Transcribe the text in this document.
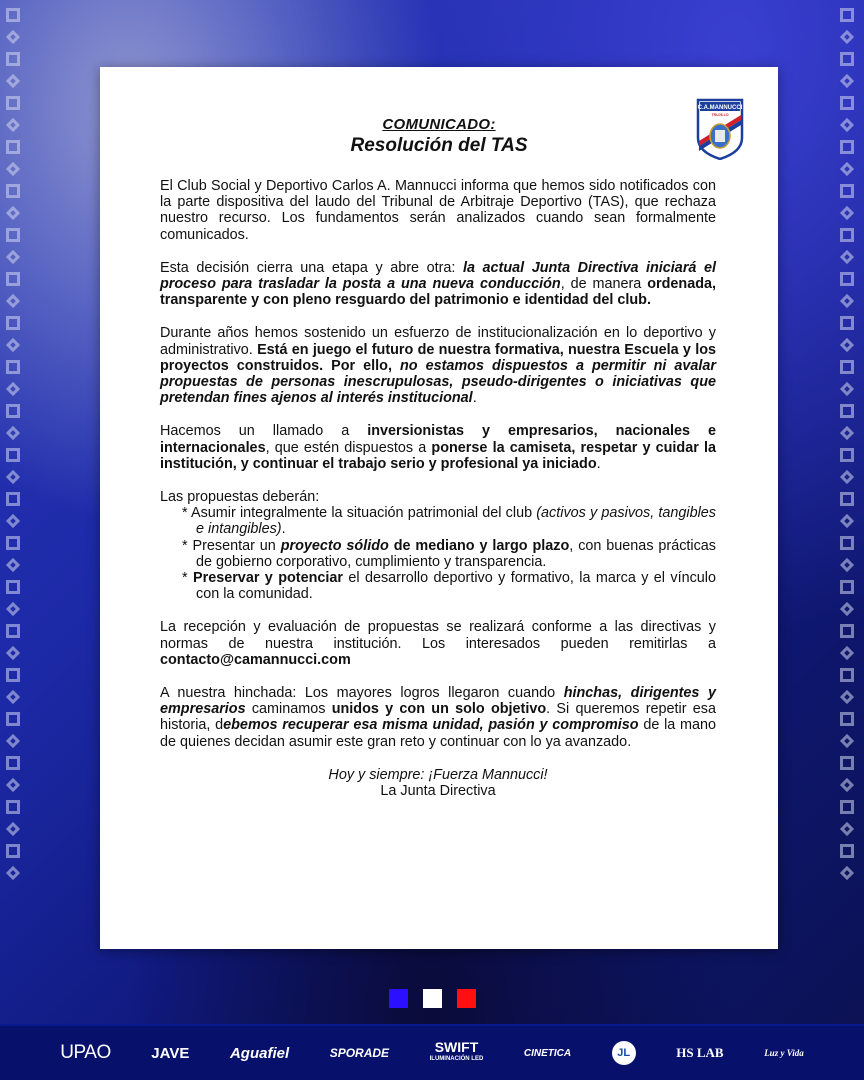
C.A.MANNUCCI
TRUJILLO
COMUNICADO:
Resolución del TAS

El Club Social y Deportivo Carlos A. Mannucci informa que hemos sido notificados con la parte dispositiva del laudo del Tribunal de Arbitraje Deportivo (TAS), que rechaza nuestro recurso. Los fundamentos serán analizados cuando sean formalmente comunicados.

Esta decisión cierra una etapa y abre otra: la actual Junta Directiva iniciará el proceso para trasladar la posta a una nueva conducción, de manera ordenada, transparente y con pleno resguardo del patrimonio e identidad del club.

Durante años hemos sostenido un esfuerzo de institucionalización en lo deportivo y administrativo. Está en juego el futuro de nuestra formativa, nuestra Escuela y los proyectos construidos. Por ello, no estamos dispuestos a permitir ni avalar propuestas de personas inescrupulosas, pseudo-dirigentes o iniciativas que pretendan fines ajenos al interés institucional.

Hacemos un llamado a inversionistas y empresarios, nacionales e internacionales, que estén dispuestos a ponerse la camiseta, respetar y cuidar la institución, y continuar el trabajo serio y profesional ya iniciado.

Las propuestas deberán:
* Asumir integralmente la situación patrimonial del club (activos y pasivos, tangibles e intangibles).
* Presentar un proyecto sólido de mediano y largo plazo, con buenas prácticas de gobierno corporativo, cumplimiento y transparencia.
* Preservar y potenciar el desarrollo deportivo y formativo, la marca y el vínculo con la comunidad.

La recepción y evaluación de propuestas se realizará conforme a las directivas y normas de nuestra institución. Los interesados pueden remitirlas a contacto@camannucci.com

A nuestra hinchada: Los mayores logros llegaron cuando hinchas, dirigentes y empresarios caminamos unidos y con un solo objetivo. Si queremos repetir esa historia, debemos recuperar esa misma unidad, pasión y compromiso de la mano de quienes decidan asumir este gran reto y continuar con lo ya avanzado.

Hoy y siempre: ¡Fuerza Mannucci!
La Junta Directiva
UPAO	JAVE	Aguafiel	SPORADE	SWIFT
ILUMINACIÓN LED
CINETICA	JL	HS LAB	Luz y Vida
